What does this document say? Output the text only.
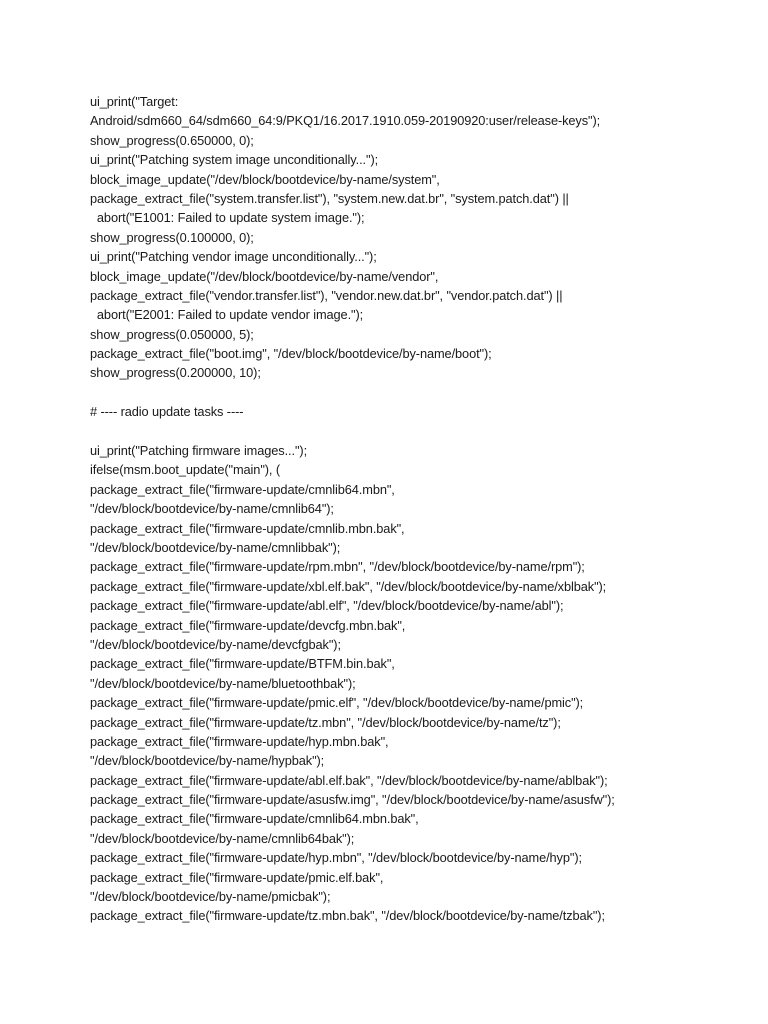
ui_print("Target:
Android/sdm660_64/sdm660_64:9/PKQ1/16.2017.1910.059-20190920:user/release-keys");
show_progress(0.650000, 0);
ui_print("Patching system image unconditionally...");
block_image_update("/dev/block/bootdevice/by-name/system",
package_extract_file("system.transfer.list"), "system.new.dat.br", "system.patch.dat") ||
abort("E1001: Failed to update system image.");
show_progress(0.100000, 0);
ui_print("Patching vendor image unconditionally...");
block_image_update("/dev/block/bootdevice/by-name/vendor",
package_extract_file("vendor.transfer.list"), "vendor.new.dat.br", "vendor.patch.dat") ||
abort("E2001: Failed to update vendor image.");
show_progress(0.050000, 5);
package_extract_file("boot.img", "/dev/block/bootdevice/by-name/boot");
show_progress(0.200000, 10);
# ---- radio update tasks ----
ui_print("Patching firmware images...");
ifelse(msm.boot_update("main"), (
package_extract_file("firmware-update/cmnlib64.mbn",
"/dev/block/bootdevice/by-name/cmnlib64");
package_extract_file("firmware-update/cmnlib.mbn.bak",
"/dev/block/bootdevice/by-name/cmnlibbak");
package_extract_file("firmware-update/rpm.mbn", "/dev/block/bootdevice/by-name/rpm");
package_extract_file("firmware-update/xbl.elf.bak", "/dev/block/bootdevice/by-name/xblbak");
package_extract_file("firmware-update/abl.elf", "/dev/block/bootdevice/by-name/abl");
package_extract_file("firmware-update/devcfg.mbn.bak",
"/dev/block/bootdevice/by-name/devcfgbak");
package_extract_file("firmware-update/BTFM.bin.bak",
"/dev/block/bootdevice/by-name/bluetoothbak");
package_extract_file("firmware-update/pmic.elf", "/dev/block/bootdevice/by-name/pmic");
package_extract_file("firmware-update/tz.mbn", "/dev/block/bootdevice/by-name/tz");
package_extract_file("firmware-update/hyp.mbn.bak",
"/dev/block/bootdevice/by-name/hypbak");
package_extract_file("firmware-update/abl.elf.bak", "/dev/block/bootdevice/by-name/ablbak");
package_extract_file("firmware-update/asusfw.img", "/dev/block/bootdevice/by-name/asusfw");
package_extract_file("firmware-update/cmnlib64.mbn.bak",
"/dev/block/bootdevice/by-name/cmnlib64bak");
package_extract_file("firmware-update/hyp.mbn", "/dev/block/bootdevice/by-name/hyp");
package_extract_file("firmware-update/pmic.elf.bak",
"/dev/block/bootdevice/by-name/pmicbak");
package_extract_file("firmware-update/tz.mbn.bak", "/dev/block/bootdevice/by-name/tzbak");
